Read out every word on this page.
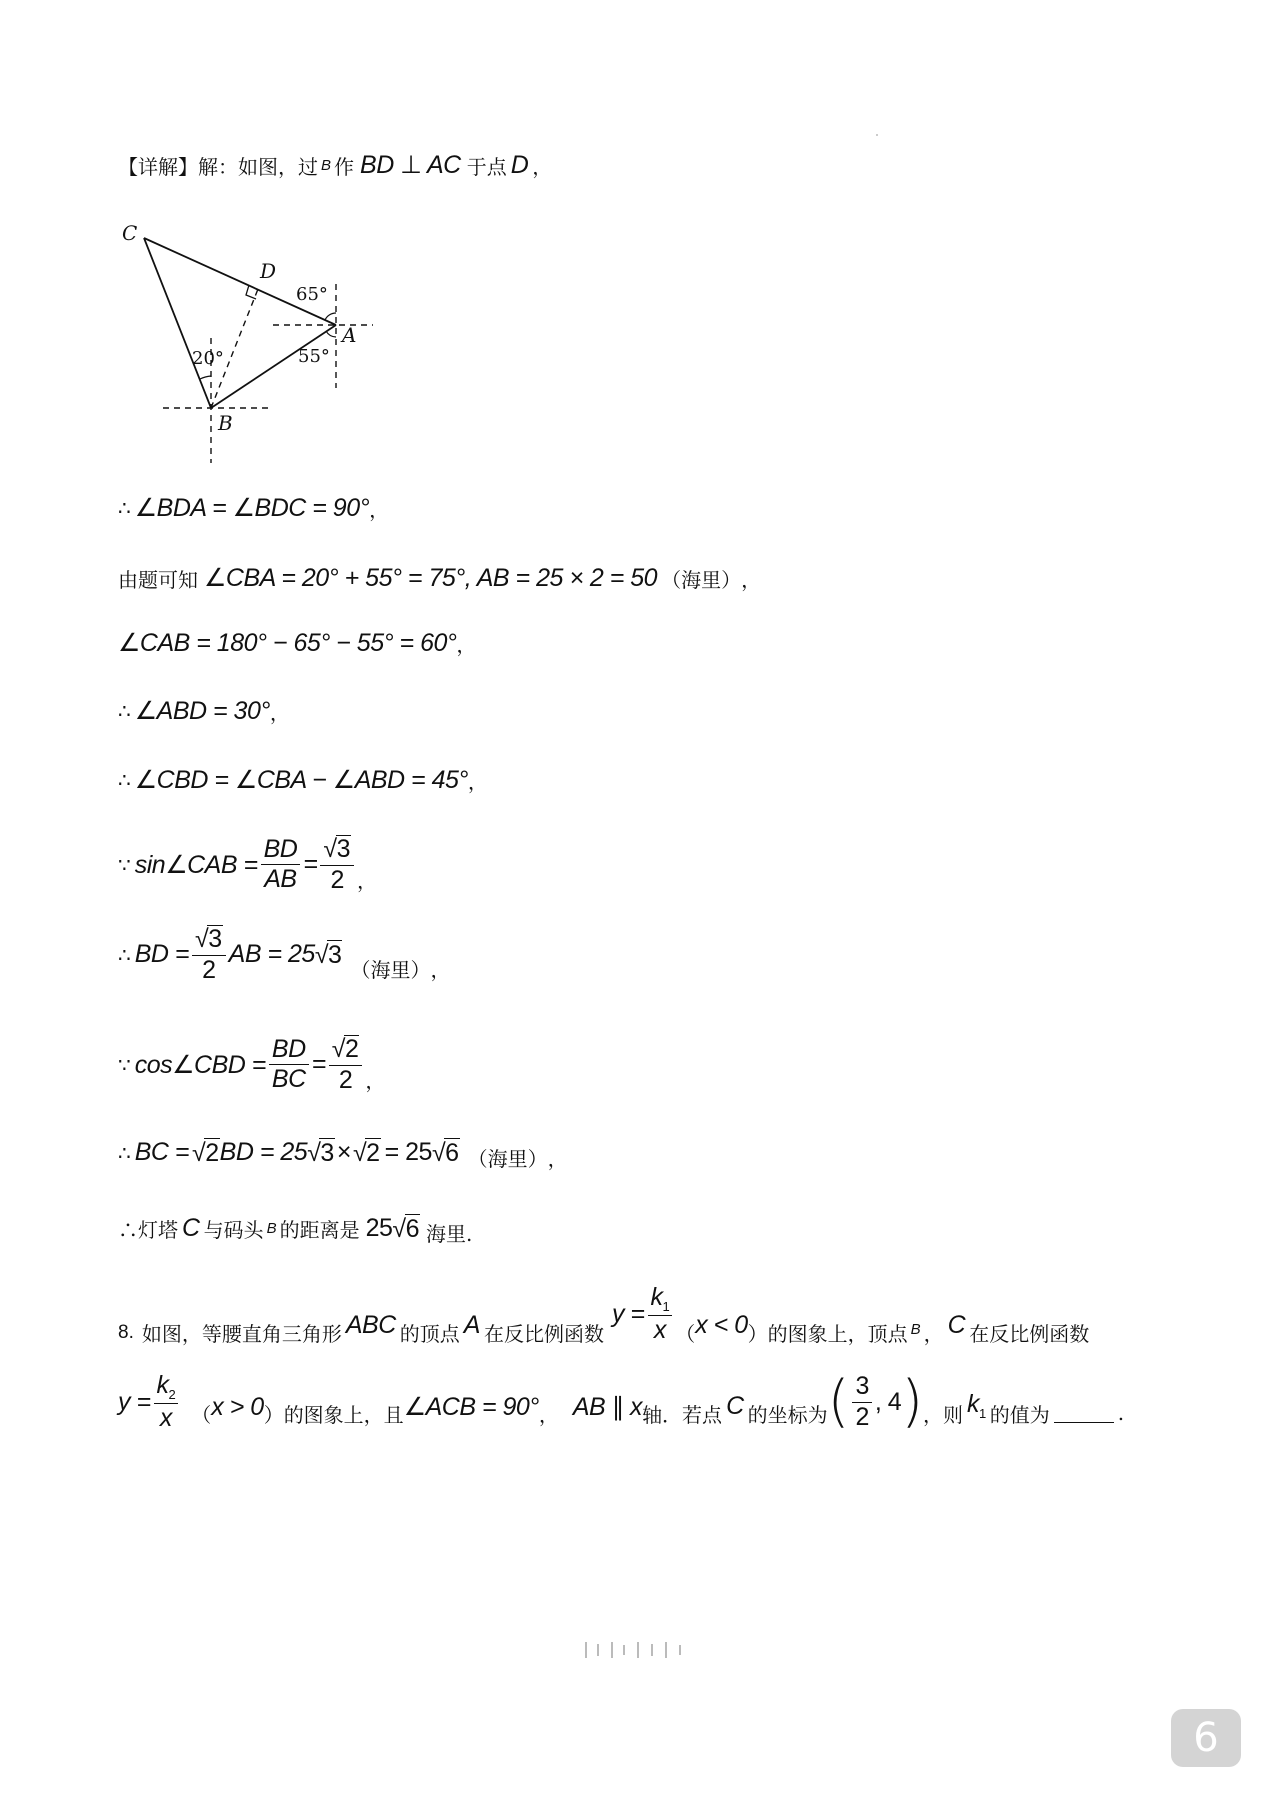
【详解】解：如图，过 B 作 BD ⊥ AC 于点 D ，
C
D
A
B
65°
55°
20°
∴ ∠BDA = ∠BDC = 90° ，
由题可知 ∠CBA = 20° + 55° = 75°, AB = 25 × 2 = 50 （海里） ，
∠CAB = 180° − 65° − 55° = 60° ，
∴ ∠ABD = 30° ，
∴ ∠CBD = ∠CBA − ∠ABD = 45° ，
∵ sin∠CAB = $\frac{BD}{AB} = \frac{√3}{2}$ ，
∴ BD = $\frac{√3}{2}$ AB = 25 √3
（海里） ，
∵ cos∠CBD = $\frac{BD}{BC} = \frac{√2}{2}$ ，
∴ BC = √2 BD = 25 √3 × √2 = 25 √6 （海里） ，
∴灯塔 C 与码头 B 的距离是 25 √6 海里.
8. 如图，等腰直角三角形 ABC 的顶点 A 在反比例函数
$y = \frac{k_1}{x}$ （ x < 0 ） 的图象上，顶点 B ， C 在反比例函数
$y = \frac{k_2}{x}$ （ x > 0 ） 的图象上，且 ∠ACB = 90° ， AB ∥ x 轴．若点 C 的坐标为 ( $\frac{3}{2}$ , 4 ) ，则 $k_1$ 的值为	.
6
